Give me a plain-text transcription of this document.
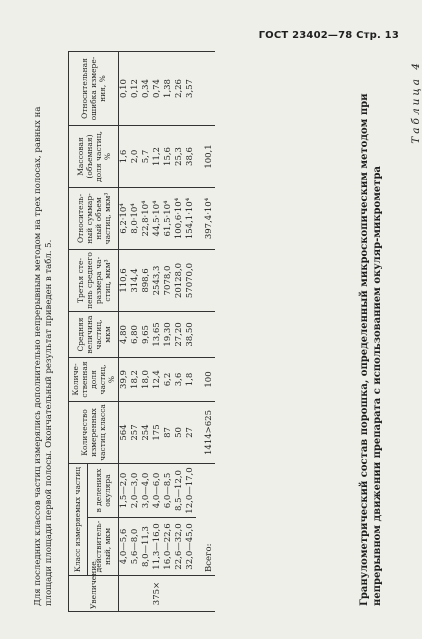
ГОСТ 23402—78 Стр. 13
Таблица 4
Гранулометрический состав порошка, определенный микроскопическим методом при непрерывном движении препарата с использованием окуляр-микрометра
Увеличение	Класс измеряемых частиц		Количество измеренных частиц класса	Количественная доля частиц, %	Средняя величина частиц, мкм	Третья степень среднего размера частиц, мкм³	Относительный суммарный объем частиц, мкм³	Массовая (объемная) доля частиц, %	Относительная ошибка измерения, %
	действительный, мкм	в делениях окуляра							
375×	4,0—5,6	1,5—2,0	564	39,9	4,80	110,6	6,2·10⁴	1,6	0,10
	5,6—8,0	2,0—3,0	257	18,2	6,80	314,4	8,0·10⁴	2,0	0,12
	8,0—11,3	3,0—4,0	254	18,0	9,65	898,6	22,8·10⁴	5,7	0,34
	11,3—16,0	4,0—6,0	175	12,4	13,65	2543,3	44,5·10⁴	11,2	0,74
	16,0—22,6	6,0—8,5	87	6,2	19,30	7078,0	61,5·10⁴	15,6	1,38
	22,6—32,0	8,5—12,0	50	3,6	27,20	20128,0	100,6·10⁴	25,3	2,26
	32,0—45,0	12,0—17,0	27	1,8	38,50	57070,0	154,1·10⁴	38,6	3,57
	Всего:		1414>625	100			397,4·10⁴	100,1	
Для последних классов частиц измерялись дополнительно непрерывным методом на трех полосах, равных на площади площади первой полосы. Окончательный результат приведен в табл. 5.
